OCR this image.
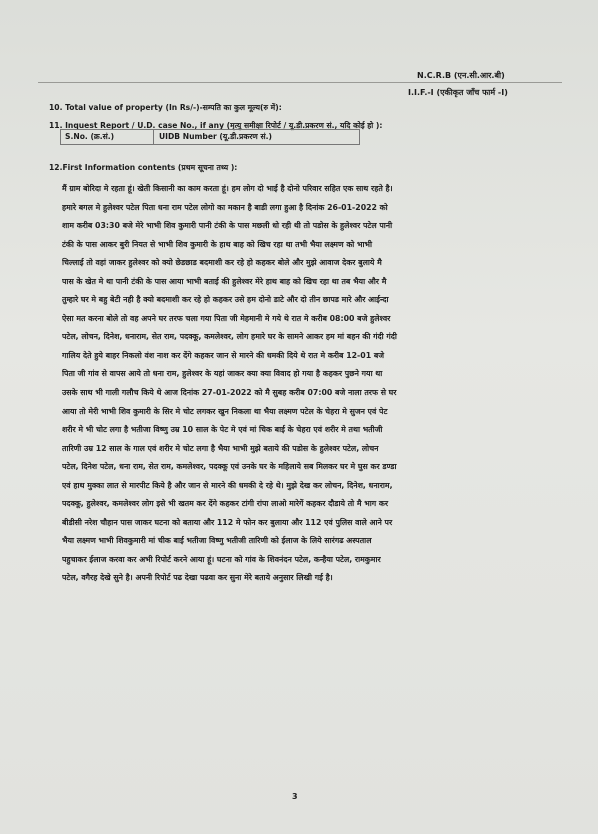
N.C.R.B (एन.सी.आर.बी)
I.I.F.-I (एकीकृत जाँच फार्म -I)
10. Total value of property (In Rs/-)-सम्पति का कुल मूल्य(रु में):
11. Inquest Report / U.D. case No., if any (मृत्यु समीक्षा रिपोर्ट / यू.डी.प्रकरण सं., यदि कोई हो ):
S.No. (क्र.सं.)	UIDB Number (यू.डी.प्रकरण सं.)
12.First Information contents (प्रथम सूचना तथ्य ):
मैं ग्राम बोरिदा मे रहता हूं। खेती किसानी का काम करता हूं। हम लोग दो भाई है दोनो परिवार सहित एक साथ रहते है।
हमारे बगल मे हुलेश्वर पटेल पिता धना राम पटेल लोगो का मकान है बाडी लगा हुआ है दिनांक 26-01-2022 को
शाम करीब 03:30 बजे मेरे भाभी शिव कुमारी पानी टंकी के पास मछली धो रही थी तो पडोस के हुलेश्वर पटेल पानी
टंकी के पास आकर बुरी नियत से भाभी शिव कुमारी के हाथ बाह को खिच रहा था तभी भैया लक्ष्मण को भाभी
चिल्लाई तो वहां जाकर हुलेश्वर को क्यो छेडछाड बदमाशी कर रहे हो कहकर बोले और मुझे आवाज देकर बुलाये मै
पास के खेत मे था पानी टंकी के पास आया भाभी बताई की हुलेश्वर मेरे हाथ बाह को खिच रहा था तब भैया और मै
तुम्हारे घर मे बहु बेटी नही है क्यो बदमाशी कर रहे हो कहकर उसे हम दोनो डाटे और दो तीन छापड मारे और आईन्दा
ऐसा मत करना बोले तो वह अपने घर तरफ चला गया पिता जी मेहमानी मे गये थे रात मे करीब 08:00 बजे हुलेश्वर
पटेल, लोचन, दिनेश, धनाराम, सेत राम, पदक्कू, कमलेश्वर, लोग हमारे घर के सामने आकर हम मां बहन की गंदी गंदी
गालिय देते हुये बाहर निकलो वंश नाश कर देंगे कहकर जान से मारने की धमकी दिये थे रात मे करीब 12-01 बजे
पिता जी गांव से वापस आये तो धना राम, हुलेश्वर के यहां जाकर क्या क्या विवाद हो गया है कहकर पुछने गया था
उसके साथ भी गाली गलौच किये थे आज दिनांक 27-01-2022 को मै सुबह करीब 07:00 बजे नाला तरफ से घर
आया तो मेरी भाभी शिव कुमारी के सिर मे चोट लगकर खुन निकला था भैया लक्ष्मण पटेल के चेहरा मे सुजन एवं पेट
शरीर मे भी चोट लगा है भतीजा विष्णु उम्र 10 साल के पेट मे एवं मां चिक बाई के चेहरा एवं शरीर मे तथा भतीजी
तारिणी उम्र 12 साल के गाल एवं शरीर मे चोट लगा है भैया भाभी मुझे बताये की पडोस के हुलेश्वर पटेल, लोचन
पटेल, दिनेश पटेल, धना राम, सेत राम, कमलेश्वर, पदक्कू एवं उनके घर के महिलाये सब मिलकर घर मे घुस कर डण्डा
एवं हाथ मुक्का लात से मारपीट किये है और जान से मारने की धमकी दे रहे थे। मुझे देख कर लोचन, दिनेश, धनाराम,
पदक्कू, हुलेश्वर, कमलेश्वर लोग इसे भी खतम कर देंगे कहकर टांगी रांपा लाओ मारेगें कहकर दौडाये तो मै भाग कर
बीडीसी नरेश चौहान पास जाकर घटना को बताया और 112 मे फोन कर बुलाया और 112 एवं पुलिस वाले आने पर
भैया लक्ष्मण भाभी शिवकुमारी मां चीक बाई भतीजा विष्णु भतीजी तारिणी को ईलाज के लिये सारंगढ अस्पताल
पहुचाकर ईलाज करवा कर अभी रिपोर्ट करने आया हूं। घटना को गांव के शिवनंदन पटेल, कन्हैया पटेल, रामकुमार
पटेल, वगैरह देखे सुने है। अपनी रिपोर्ट पढ देखा पढवा कर सुना मेरे बताये अनुसार लिखी गई है।
3
